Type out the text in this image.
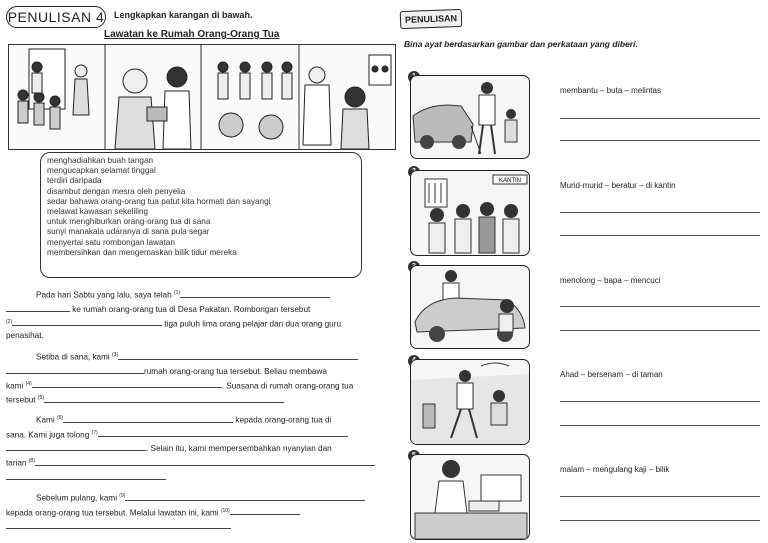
PENULISAN 4 Lengkapkan karangan di bawah.
Lawatan ke Rumah Orang-Orang Tua
menghadiahkan buah tangan
mengucapkan selamat tinggal
terdiri daripada
disambut dengan mesra oleh penyelia
sedar bahawa orang-orang tua patut kita hormati dan sayangi
melawat kawasan sekeliling
untuk menghiburkan orang-orang tua di sana
sunyi manakala udaranya di sana pula segar
menyertai satu rombongan lawatan
membersihkan dan mengemaskan bilik tidur mereka
Pada hari Sabtu yang lalu, saya telah $^{(1)}$
ke rumah orang-orang tua di Desa Pakatan. Rombongan tersebut
$^{(2)}$	tiga puluh lima orang pelajar dan dua orang guru
penasihat.
Setiba di sana, kami $^{(3)}$
rumah orang-orang tua tersebut. Beliau membawa
kami $^{(4)}$	. Suasana di rumah orang-orang tua
tersebut $^{(5)}$
Kami $^{(6)}$	kepada orang-orang tua di
sana. Kami juga tolong $^{(7)}$
. Selain itu, kami mempersembahkan nyanyian dan
tarian $^{(8)}$
Sebelum pulang, kami $^{(9)}$
kepada orang-orang tua tersebut. Melalui lawatan ini, kami $^{(10)}$
PENULISAN
Bina ayat berdasarkan gambar dan perkataan yang diberi.
membantu – buta – melintas
KANTIN	Murid-murid – beratur – di kantin
menolong – bapa – mencuci
Ahad – bersenam – di taman
malam – mengulang kaji – bilik
